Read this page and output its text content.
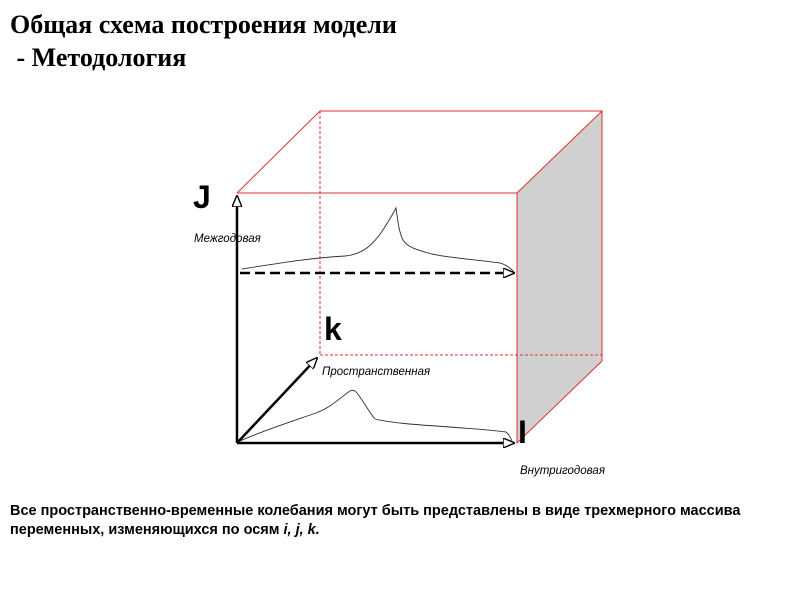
Общая схема построения модели
- Методология
J
Межгодовая
k
Пространственная
I
Внутригодовая
Все пространственно-временные колебания могут быть представлены в виде трехмерного массива переменных, изменяющихся по осям i, j, k.
